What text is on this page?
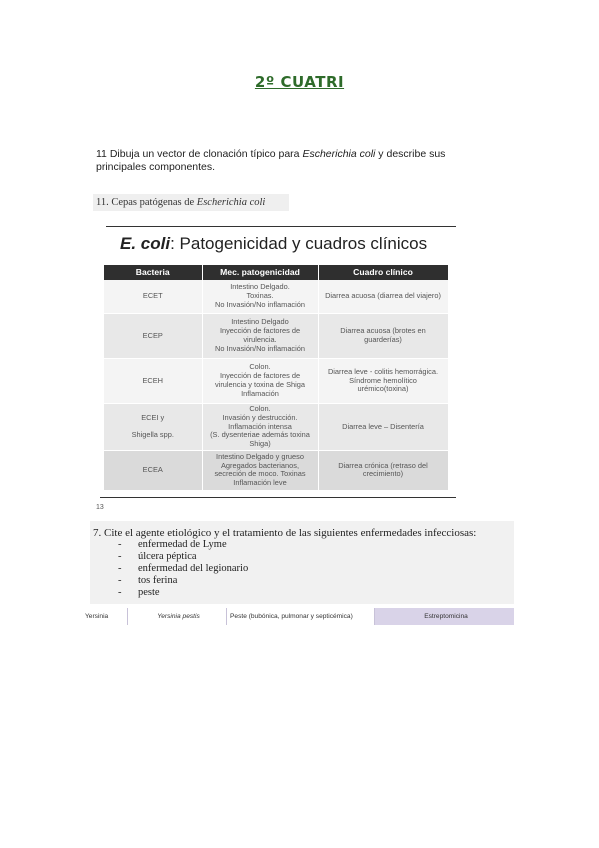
2º CUATRI
11 Dibuja un vector de clonación típico para Escherichia coli y describe sus principales componentes.
11. Cepas patógenas de Escherichia coli
E. coli: Patogenicidad y cuadros clínicos
Bacteria	Mec. patogenicidad	Cuadro clínico

ECET	Intestino Delgado.
Toxinas.
No Invasión/No inflamación	Diarrea acuosa (diarrea del viajero)

ECEP	Intestino Delgado
Inyección de factores de
virulencia.
No Invasión/No inflamación	Diarrea acuosa (brotes en
guarderías)

ECEH	Colon.
Inyección de factores de
virulencia y toxina de Shiga
Inflamación	Diarrea leve - colitis hemorrágica.
Síndrome hemolítico
urémico(toxina)

ECEI y

Shigella spp.	Colon.
Invasión y destrucción.
Inflamación intensa
(S. dysenteriae además toxina
Shiga)	Diarrea leve – Disentería

ECEA	Intestino Delgado y grueso
Agregados bacterianos,
secreción de moco. Toxinas
Inflamación leve	Diarrea crónica (retraso del
crecimiento)
13
7. Cite el agente etiológico y el tratamiento de las siguientes enfermedades infecciosas:
- enfermedad de Lyme
- úlcera péptica
- enfermedad del legionario
- tos ferina
- peste
Yersinia	Yersinia pestis	Peste (bubónica, pulmonar y septicémica)	Estreptomicina
